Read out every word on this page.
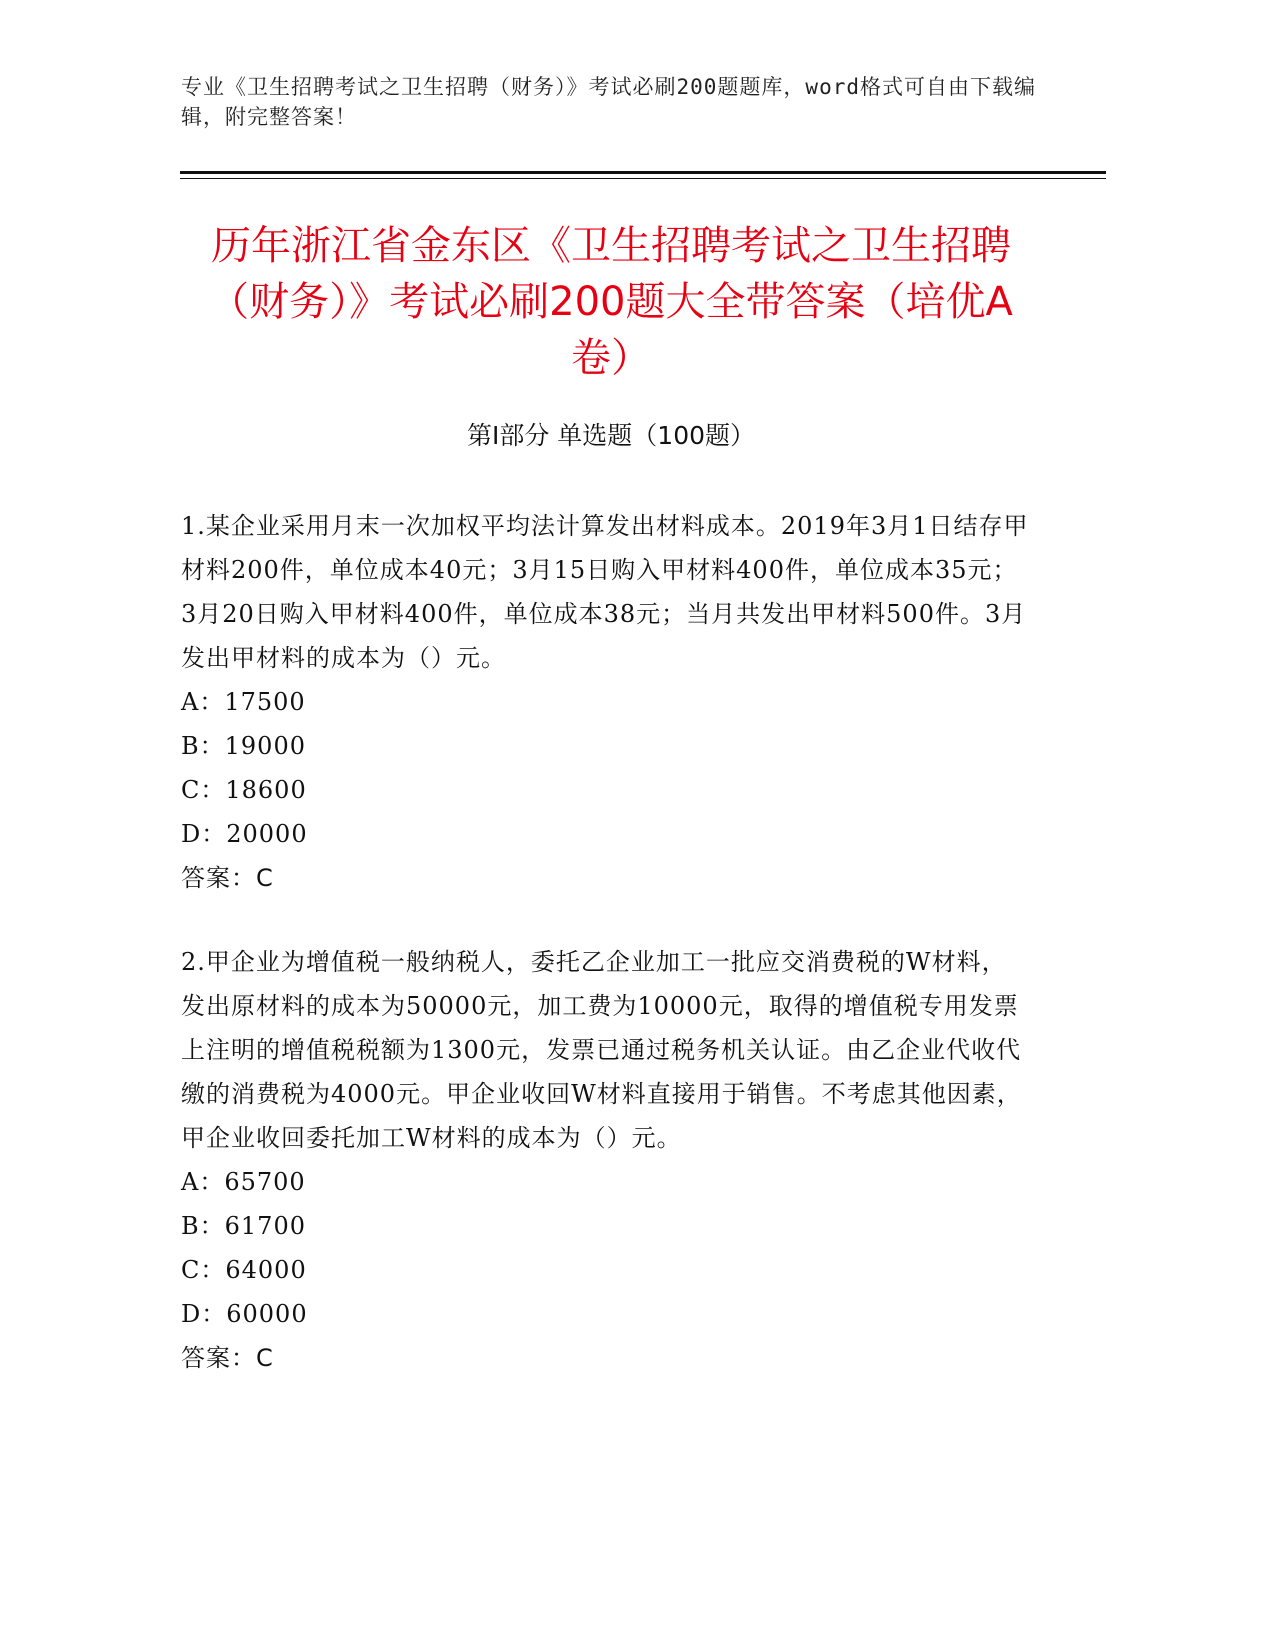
专业《卫生招聘考试之卫生招聘（财务）》考试必刷200题题库，word格式可自由下载编辑，附完整答案！
历年浙江省金东区《卫生招聘考试之卫生招聘（财务）》考试必刷200题大全带答案（培优A卷）
第Ⅰ部分 单选题（100题）
1.某企业采用月末一次加权平均法计算发出材料成本。2019年3月1日结存甲材料200件，单位成本40元；3月15日购入甲材料400件，单位成本35元；3月20日购入甲材料400件，单位成本38元；当月共发出甲材料500件。3月发出甲材料的成本为（）元。
A：17500
B：19000
C：18600
D：20000
答案：C
2.甲企业为增值税一般纳税人，委托乙企业加工一批应交消费税的W材料，发出原材料的成本为50000元，加工费为10000元，取得的增值税专用发票上注明的增值税税额为1300元，发票已通过税务机关认证。由乙企业代收代缴的消费税为4000元。甲企业收回W材料直接用于销售。不考虑其他因素，甲企业收回委托加工W材料的成本为（）元。
A：65700
B：61700
C：64000
D：60000
答案：C
